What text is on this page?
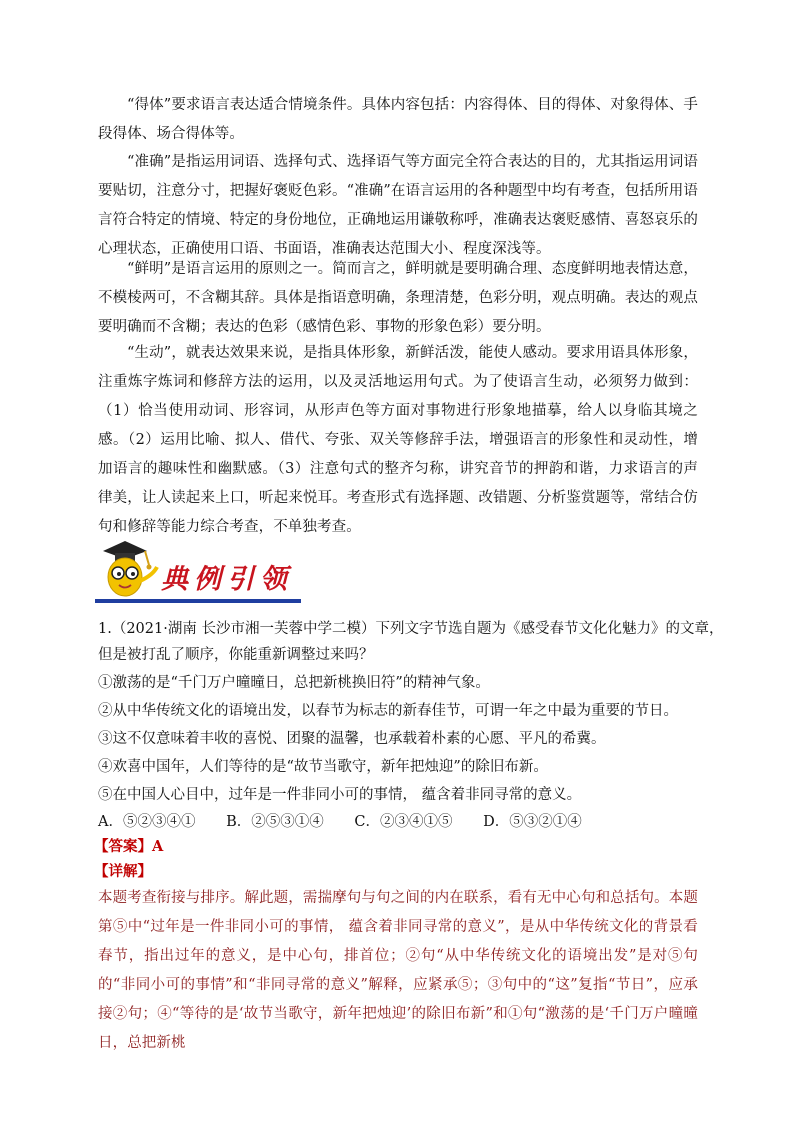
“得体”要求语言表达适合情境条件。具体内容包括：内容得体、目的得体、对象得体、手段得体、场合得体等。

“准确”是指运用词语、选择句式、选择语气等方面完全符合表达的目的，尤其指运用词语要贴切，注意分寸，把握好褒贬色彩。“准确”在语言运用的各种题型中均有考查，包括所用语言符合特定的情境、特定的身份地位，正确地运用谦敬称呼，准确表达褒贬感情、喜怒哀乐的心理状态，正确使用口语、书面语，准确表达范围大小、程度深浅等。

“鲜明”是语言运用的原则之一。简而言之，鲜明就是要明确合理、态度鲜明地表情达意，不模棱两可，不含糊其辞。具体是指语意明确，条理清楚，色彩分明，观点明确。表达的观点要明确而不含糊；表达的色彩（感情色彩、事物的形象色彩）要分明。

“生动”，就表达效果来说，是指具体形象，新鲜活泼，能使人感动。要求用语具体形象，注重炼字炼词和修辞方法的运用，以及灵活地运用句式。为了使语言生动，必须努力做到：（1）恰当使用动词、形容词，从形声色等方面对事物进行形象地描摹，给人以身临其境之感。（2）运用比喻、拟人、借代、夸张、双关等修辞手法，增强语言的形象性和灵动性，增加语言的趣味性和幽默感。（3）注意句式的整齐匀称，讲究音节的押韵和谐，力求语言的声律美，让人读起来上口，听起来悦耳。考查形式有选择题、改错题、分析鉴赏题等，常结合仿句和修辞等能力综合考查，不单独考查。

典例引领

1.（2021·湖南 长沙市湘一芙蓉中学二模）下列文字节选自题为《感受春节文化化魅力》的文章，

但是被打乱了顺序，你能重新调整过来吗？

①激荡的是“千门万户曈曈日，总把新桃换旧符”的精神气象。

②从中华传统文化的语境出发，以春节为标志的新春佳节，可谓一年之中最为重要的节日。

③这不仅意味着丰收的喜悦、团聚的温馨，也承载着朴素的心愿、平凡的希冀。

④欢喜中国年，人们等待的是“故节当歌守，新年把烛迎”的除旧布新。

⑤在中国人心目中，过年是一件非同小可的事情， 蕴含着非同寻常的意义。

A．⑤②③④① B．②⑤③①④ C．②③④①⑤ D．⑤③②①④
【答案】A
【详解】

本题考查衔接与排序。解此题，需揣摩句与句之间的内在联系，看有无中心句和总括句。本题第⑤中“过年是一件非同小可的事情， 蕴含着非同寻常的意义”，是从中华传统文化的背景看春节，指出过年的意义，是中心句，排首位；②句“从中华传统文化的语境出发”是对⑤句的“非同小可的事情”和“非同寻常的意义”解释，应紧承⑤；③句中的“这”复指“节日”，应承接②句；④“等待的是‘故节当歌守，新年把烛迎’的除旧布新”和①句“激荡的是‘千门万户曈曈日，总把新桃
